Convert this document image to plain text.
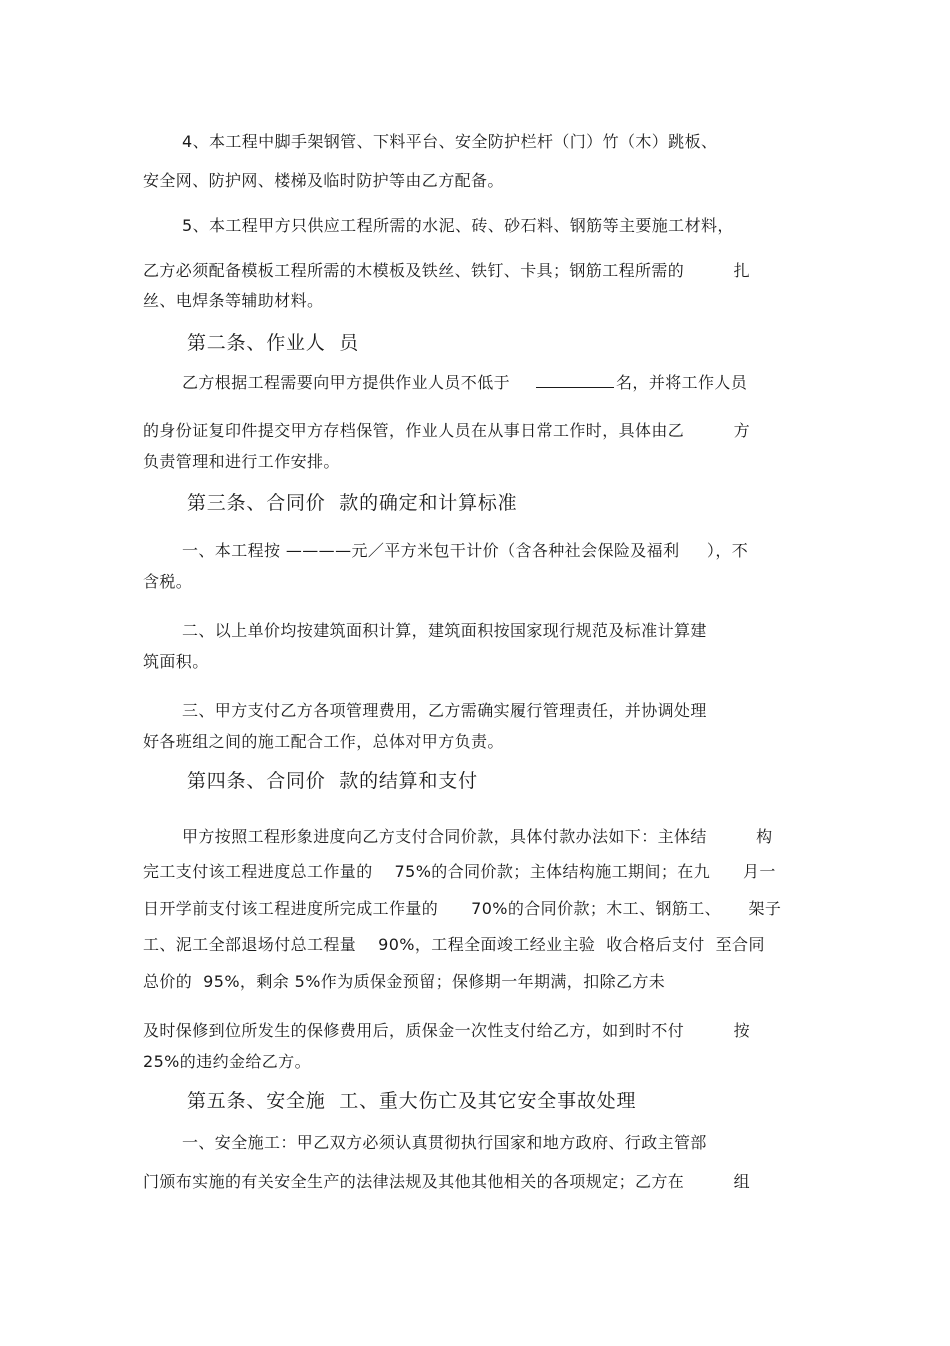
4、本工程中脚手架钢管、下料平台、安全防护栏杆（门）竹（木）跳板、
安全网、防护网、楼梯及临时防护等由乙方配备。
5、本工程甲方只供应工程所需的水泥、砖、砂石料、钢筋等主要施工材料，
乙方必须配备模板工程所需的木模板及铁丝、铁钉、卡具；钢筋工程所需的         扎
丝、电焊条等辅助材料。
第二条、作业人  员
乙方根据工程需要向甲方提供作业人员不低于	名，并将工作人员
的身份证复印件提交甲方存档保管，作业人员在从事日常工作时，具体由乙         方
负责管理和进行工作安排。
第三条、合同价  款的确定和计算标准
一、本工程按 ————元／平方米包干计价（含各种社会保险及福利     ），不
含税。
二、以上单价均按建筑面积计算，建筑面积按国家现行规范及标准计算建
筑面积。
三、甲方支付乙方各项管理费用，乙方需确实履行管理责任，并协调处理
好各班组之间的施工配合工作，总体对甲方负责。
第四条、合同价  款的结算和支付
甲方按照工程形象进度向乙方支付合同价款，具体付款办法如下：主体结         构
完工支付该工程进度总工作量的    75%的合同价款；主体结构施工期间；在九      月一
日开学前支付该工程进度所完成工作量的      70%的合同价款；木工、钢筋工、     架子
工、泥工全部退场付总工程量    90%，工程全面竣工经业主验  收合格后支付  至合同
总价的  95%，剩余 5%作为质保金预留；保修期一年期满，扣除乙方未
及时保修到位所发生的保修费用后，质保金一次性支付给乙方，如到时不付         按
25%的违约金给乙方。
第五条、安全施  工、重大伤亡及其它安全事故处理
一、安全施工：甲乙双方必须认真贯彻执行国家和地方政府、行政主管部
门颁布实施的有关安全生产的法律法规及其他其他相关的各项规定；乙方在         组
